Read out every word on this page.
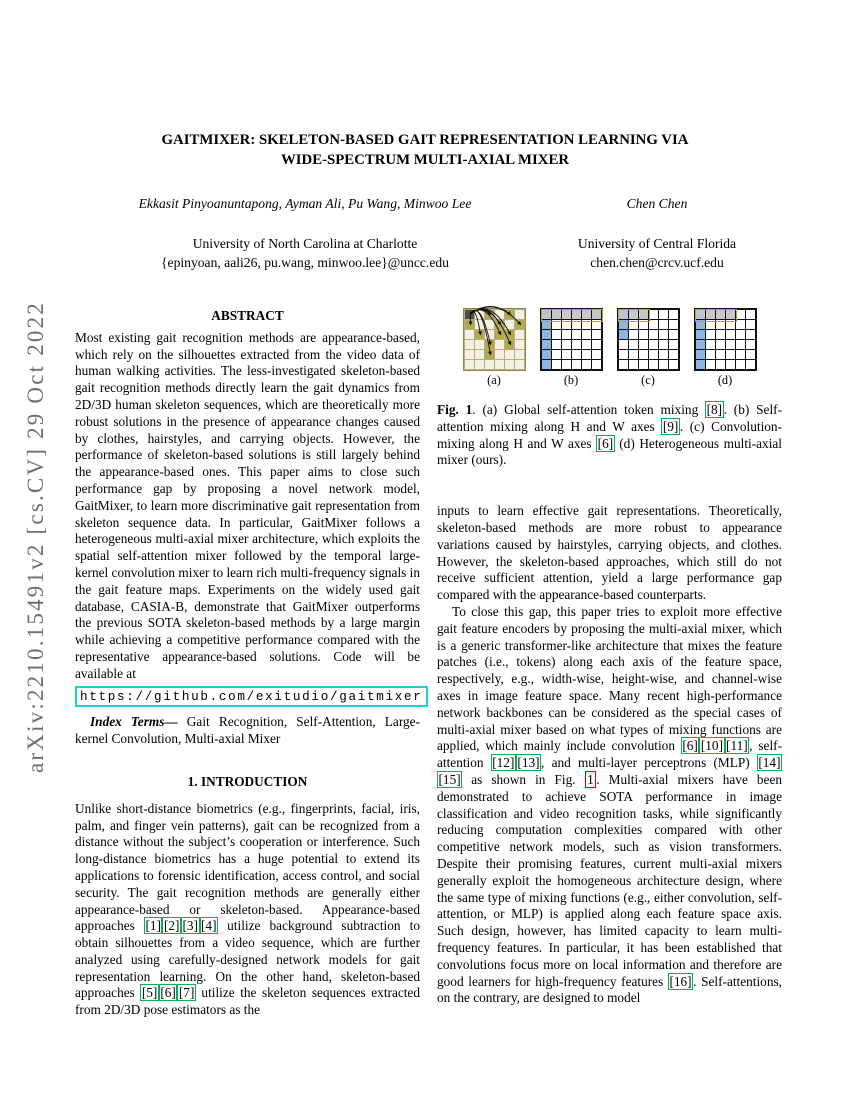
arXiv:2210.15491v2 [cs.CV] 29 Oct 2022
GAITMIXER: SKELETON-BASED GAIT REPRESENTATION LEARNING VIA
WIDE-SPECTRUM MULTI-AXIAL MIXER
Ekkasit Pinyoanuntapong, Ayman Ali, Pu Wang, Minwoo Lee	Chen Chen
University of North Carolina at Charlotte
{epinyoan, aali26, pu.wang, minwoo.lee}@uncc.edu
University of Central Florida
chen.chen@crcv.ucf.edu
ABSTRACT

Most existing gait recognition methods are appearance-based, which rely on the silhouettes extracted from the video data of human walking activities. The less-investigated skeleton-based gait recognition methods directly learn the gait dynamics from 2D/3D human skeleton sequences, which are theoretically more robust solutions in the presence of appearance changes caused by clothes, hairstyles, and carrying objects. However, the performance of skeleton-based solutions is still largely behind the appearance-based ones. This paper aims to close such performance gap by proposing a novel network model, GaitMixer, to learn more discriminative gait representation from skeleton sequence data. In particular, GaitMixer follows a heterogeneous multi-axial mixer architecture, which exploits the spatial self-attention mixer followed by the temporal large-kernel convolution mixer to learn rich multi-frequency signals in the gait feature maps. Experiments on the widely used gait database, CASIA-B, demonstrate that GaitMixer outperforms the previous SOTA skeleton-based methods by a large margin while achieving a competitive performance compared with the representative appearance-based solutions. Code will be available at

https://github.com/exitudio/gaitmixer

Index Terms— Gait Recognition, Self-Attention, Large-kernel Convolution, Multi-axial Mixer

1. INTRODUCTION

Unlike short-distance biometrics (e.g., fingerprints, facial, iris, palm, and finger vein patterns), gait can be recognized from a distance without the subject’s cooperation or interference. Such long-distance biometrics has a huge potential to extend its applications to forensic identification, access control, and social security. The gait recognition methods are generally either appearance-based or skeleton-based. Appearance-based approaches [1] [2] [3] [4] utilize background subtraction to obtain silhouettes from a video sequence, which are further analyzed using carefully-designed network models for gait representation learning. On the other hand, skeleton-based approaches [5] [6] [7] utilize the skeleton sequences extracted from 2D/3D pose estimators as the

(a)	(b)	(c)	(d)

Fig. 1. (a) Global self-attention token mixing [8] . (b) Self-attention mixing along H and W axes [9] . (c) Convolution-mixing along H and W axes [6] (d) Heterogeneous multi-axial mixer (ours).

inputs to learn effective gait representations. Theoretically, skeleton-based methods are more robust to appearance variations caused by hairstyles, carrying objects, and clothes. However, the skeleton-based approaches, which still do not receive sufficient attention, yield a large performance gap compared with the appearance-based counterparts.

To close this gap, this paper tries to exploit more effective gait feature encoders by proposing the multi-axial mixer, which is a generic transformer-like architecture that mixes the feature patches (i.e., tokens) along each axis of the feature space, respectively, e.g., width-wise, height-wise, and channel-wise axes in image feature space. Many recent high-performance network backbones can be considered as the special cases of multi-axial mixer based on what types of mixing functions are applied, which mainly include convolution [6] [10] [11] , self-attention [12] [13] , and multi-layer perceptrons (MLP) [14] [15] as shown in Fig. 1 . Multi-axial mixers have been demonstrated to achieve SOTA performance in image classification and video recognition tasks, while significantly reducing computation complexities compared with other competitive network models, such as vision transformers. Despite their promising features, current multi-axial mixers generally exploit the homogeneous architecture design, where the same type of mixing functions (e.g., either convolution, self-attention, or MLP) is applied along each feature space axis. Such design, however, has limited capacity to learn multi-frequency features. In particular, it has been established that convolutions focus more on local information and therefore are good learners for high-frequency features [16] . Self-attentions, on the contrary, are designed to model
